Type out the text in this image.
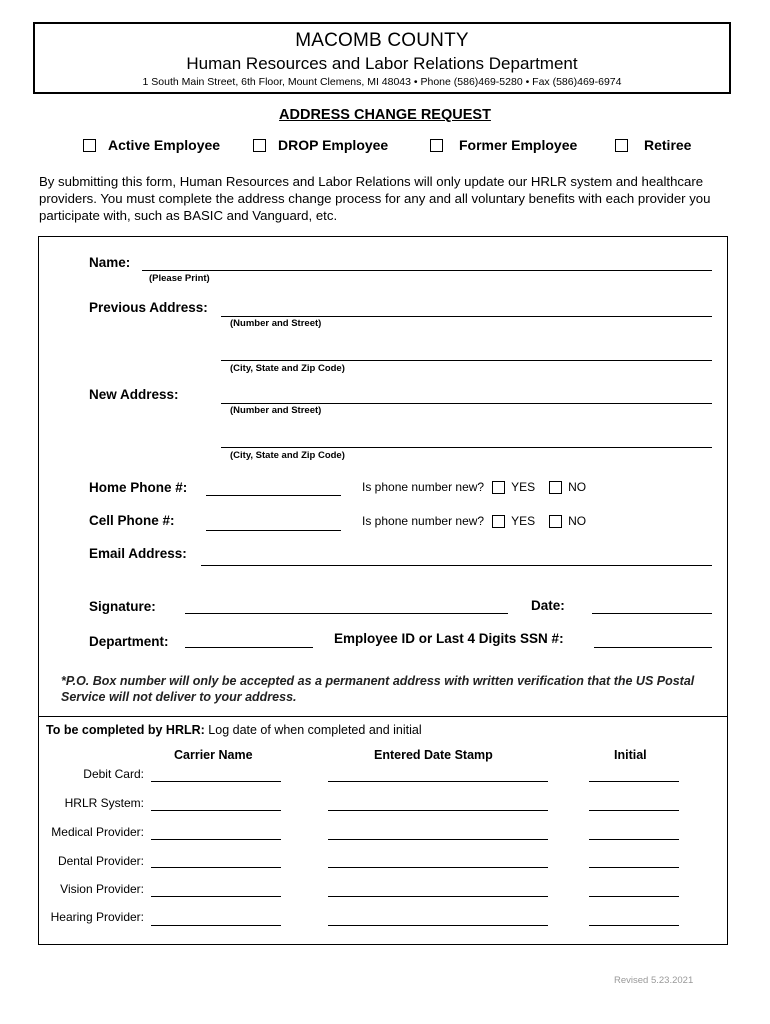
MACOMB COUNTY
Human Resources and Labor Relations Department
1 South Main Street, 6th Floor, Mount Clemens, MI 48043 • Phone (586)469-5280 • Fax (586)469-6974
ADDRESS CHANGE REQUEST
Active Employee	DROP Employee	Former Employee	Retiree
By submitting this form, Human Resources and Labor Relations will only update our HRLR system and healthcare providers. You must complete the address change process for any and all voluntary benefits with each provider you participate with, such as BASIC and Vanguard, etc.
Name:
(Please Print)
Previous Address:
(Number and Street)
(City, State and Zip Code)
New Address:
(Number and Street)
(City, State and Zip Code)
Home Phone #:	Is phone number new? YES	NO
Cell Phone #:	Is phone number new? YES	NO
Email Address:
Signature:	Date:
Department:	Employee ID or Last 4 Digits SSN #:
*P.O. Box number will only be accepted as a permanent address with written verification that the US Postal Service will not deliver to your address.
To be completed by HRLR: Log date of when completed and initial
Carrier Name	Entered Date Stamp	Initial
Debit Card:
HRLR System:
Medical Provider:
Dental Provider:
Vision Provider:
Hearing Provider:
Revised 5.23.2021
